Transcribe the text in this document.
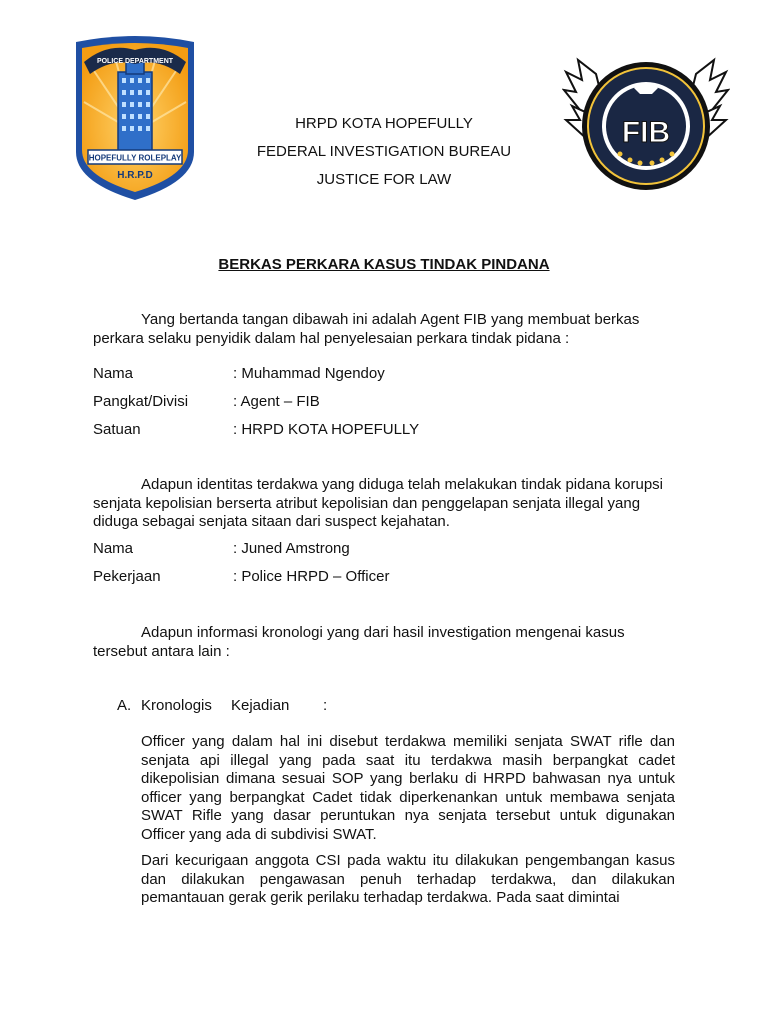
POLICE DEPARTMENT
HOPEFULLY ROLEPLAY
H.R.P.D
HRPD KOTA HOPEFULLY
FEDERAL INVESTIGATION BUREAU
JUSTICE FOR LAW
FIB
BERKAS PERKARA KASUS TINDAK PINDANA
Yang bertanda tangan dibawah ini adalah Agent FIB yang membuat berkas perkara selaku penyidik dalam hal penyelesaian perkara tindak pidana :
Nama	: Muhammad Ngendoy
Pangkat/Divisi	: Agent – FIB
Satuan	: HRPD KOTA HOPEFULLY
Adapun identitas terdakwa yang diduga telah melakukan tindak pidana korupsi senjata kepolisian berserta atribut kepolisian dan penggelapan senjata illegal yang diduga sebagai senjata sitaan dari suspect kejahatan.
Nama	: Juned Amstrong
Pekerjaan	: Police HRPD – Officer
Adapun informasi kronologi yang dari hasil investigation mengenai kasus tersebut antara lain :
A. Kronologis Kejadian :
Officer yang dalam hal ini disebut terdakwa memiliki senjata SWAT rifle dan senjata api illegal yang pada saat itu terdakwa masih berpangkat cadet dikepolisian dimana sesuai SOP yang berlaku di HRPD bahwasan nya untuk officer yang berpangkat Cadet tidak diperkenankan untuk membawa senjata SWAT Rifle yang dasar peruntukan nya senjata tersebut untuk digunakan Officer yang ada di subdivisi SWAT.
Dari kecurigaan anggota CSI pada waktu itu dilakukan pengembangan kasus dan dilakukan pengawasan penuh terhadap terdakwa, dan dilakukan pemantauan gerak gerik perilaku terhadap terdakwa. Pada saat dimintai
